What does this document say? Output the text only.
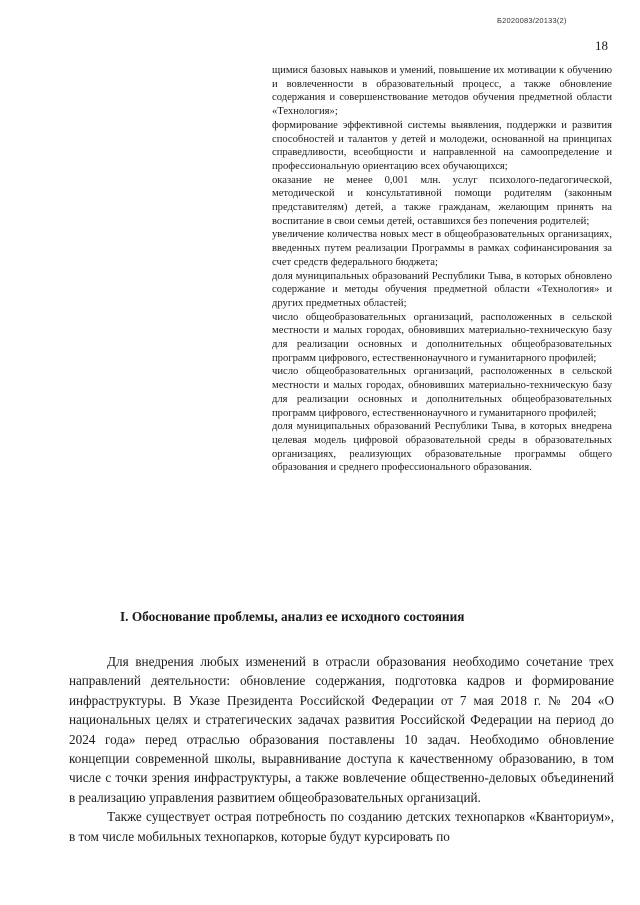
Б2020083/20133(2)
18

щимися базовых навыков и умений, повышение их мотивации к обучению и вовлеченности в образовательный процесс, а также обновление содержания и совершенствование методов обучения предметной области «Технология»;

формирование эффективной системы выявления, поддержки и развития способностей и талантов у детей и молодежи, основанной на принципах справедливости, всеобщности и направленной на самоопределение и профессиональную ориентацию всех обучающихся;

оказание не менее 0,001 млн. услуг психолого-педагогической, методической и консультативной помощи родителям (законным представителям) детей, а также гражданам, желающим принять на воспитание в свои семьи детей, оставшихся без попечения родителей;

увеличение количества новых мест в общеобразовательных организациях, введенных путем реализации Программы в рамках софинансирования за счет средств федерального бюджета;

доля муниципальных образований Республики Тыва, в которых обновлено содержание и методы обучения предметной области «Технология» и других предметных областей;

число общеобразовательных организаций, расположенных в сельской местности и малых городах, обновивших материально-техническую базу для реализации основных и дополнительных общеобразовательных программ цифрового, естественнонаучного и гуманитарного профилей;

число общеобразовательных организаций, расположенных в сельской местности и малых городах, обновивших материально-техническую базу для реализации основных и дополнительных общеобразовательных программ цифрового, естественнонаучного и гуманитарного профилей;

доля муниципальных образований Республики Тыва, в которых внедрена целевая модель цифровой образовательной среды в образовательных организациях, реализующих образовательные программы общего образования и среднего профессионального образования.

I. Обоснование проблемы, анализ ее исходного состояния

Для внедрения любых изменений в отрасли образования необходимо сочетание трех направлений деятельности: обновление содержания, подготовка кадров и формирование инфраструктуры. В Указе Президента Российской Федерации от 7 мая 2018 г. № 204 «О национальных целях и стратегических задачах развития Российской Федерации на период до 2024 года» перед отраслью образования поставлены 10 задач. Необходимо обновление концепции современной школы, выравнивание доступа к качественному образованию, в том числе с точки зрения инфраструктуры, а также вовлечение общественно-деловых объединений в реализацию управления развитием общеобразовательных организаций.

Также существует острая потребность по созданию детских технопарков «Кванториум», в том числе мобильных технопарков, которые будут курсировать по
